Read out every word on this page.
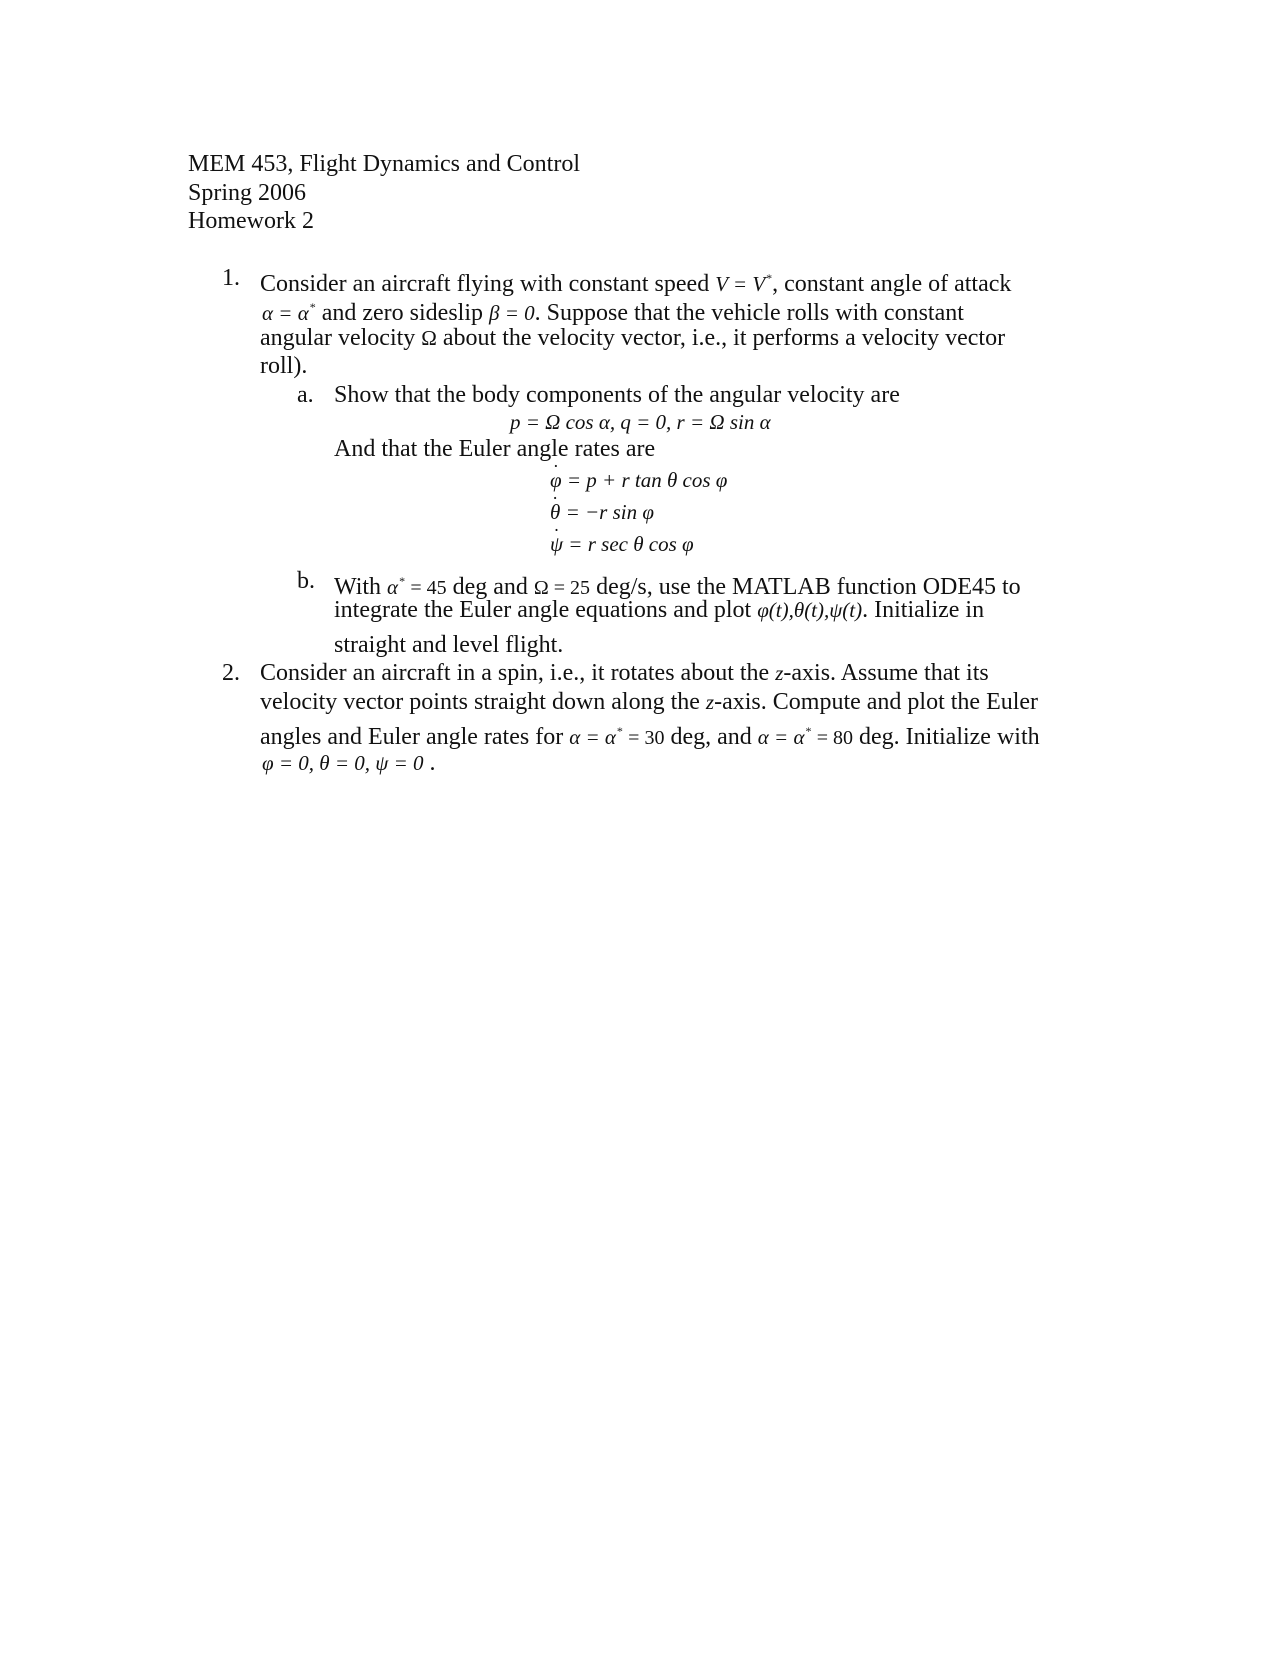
MEM 453, Flight Dynamics and Control
Spring 2006
Homework 2
1. Consider an aircraft flying with constant speed V = V*, constant angle of attack
α = α* and zero sideslip β = 0. Suppose that the vehicle rolls with constant
angular velocity Ω about the velocity vector, i.e., it performs a velocity vector
roll).
a. Show that the body components of the angular velocity are
p = Ω cos α, q = 0, r = Ω sin α
And that the Euler angle rates are
· φ = p + r tan θ cos φ
· θ = −r sin φ
· ψ = r sec θ cos φ
b. With α* = 45 deg and Ω = 25 deg/s, use the MATLAB function ODE45 to
integrate the Euler angle equations and plot φ(t),θ(t),ψ(t). Initialize in
straight and level flight.
2. Consider an aircraft in a spin, i.e., it rotates about the z-axis. Assume that its
velocity vector points straight down along the z-axis. Compute and plot the Euler
angles and Euler angle rates for α = α* = 30 deg, and α = α* = 80 deg. Initialize with
φ = 0, θ = 0, ψ = 0 .
